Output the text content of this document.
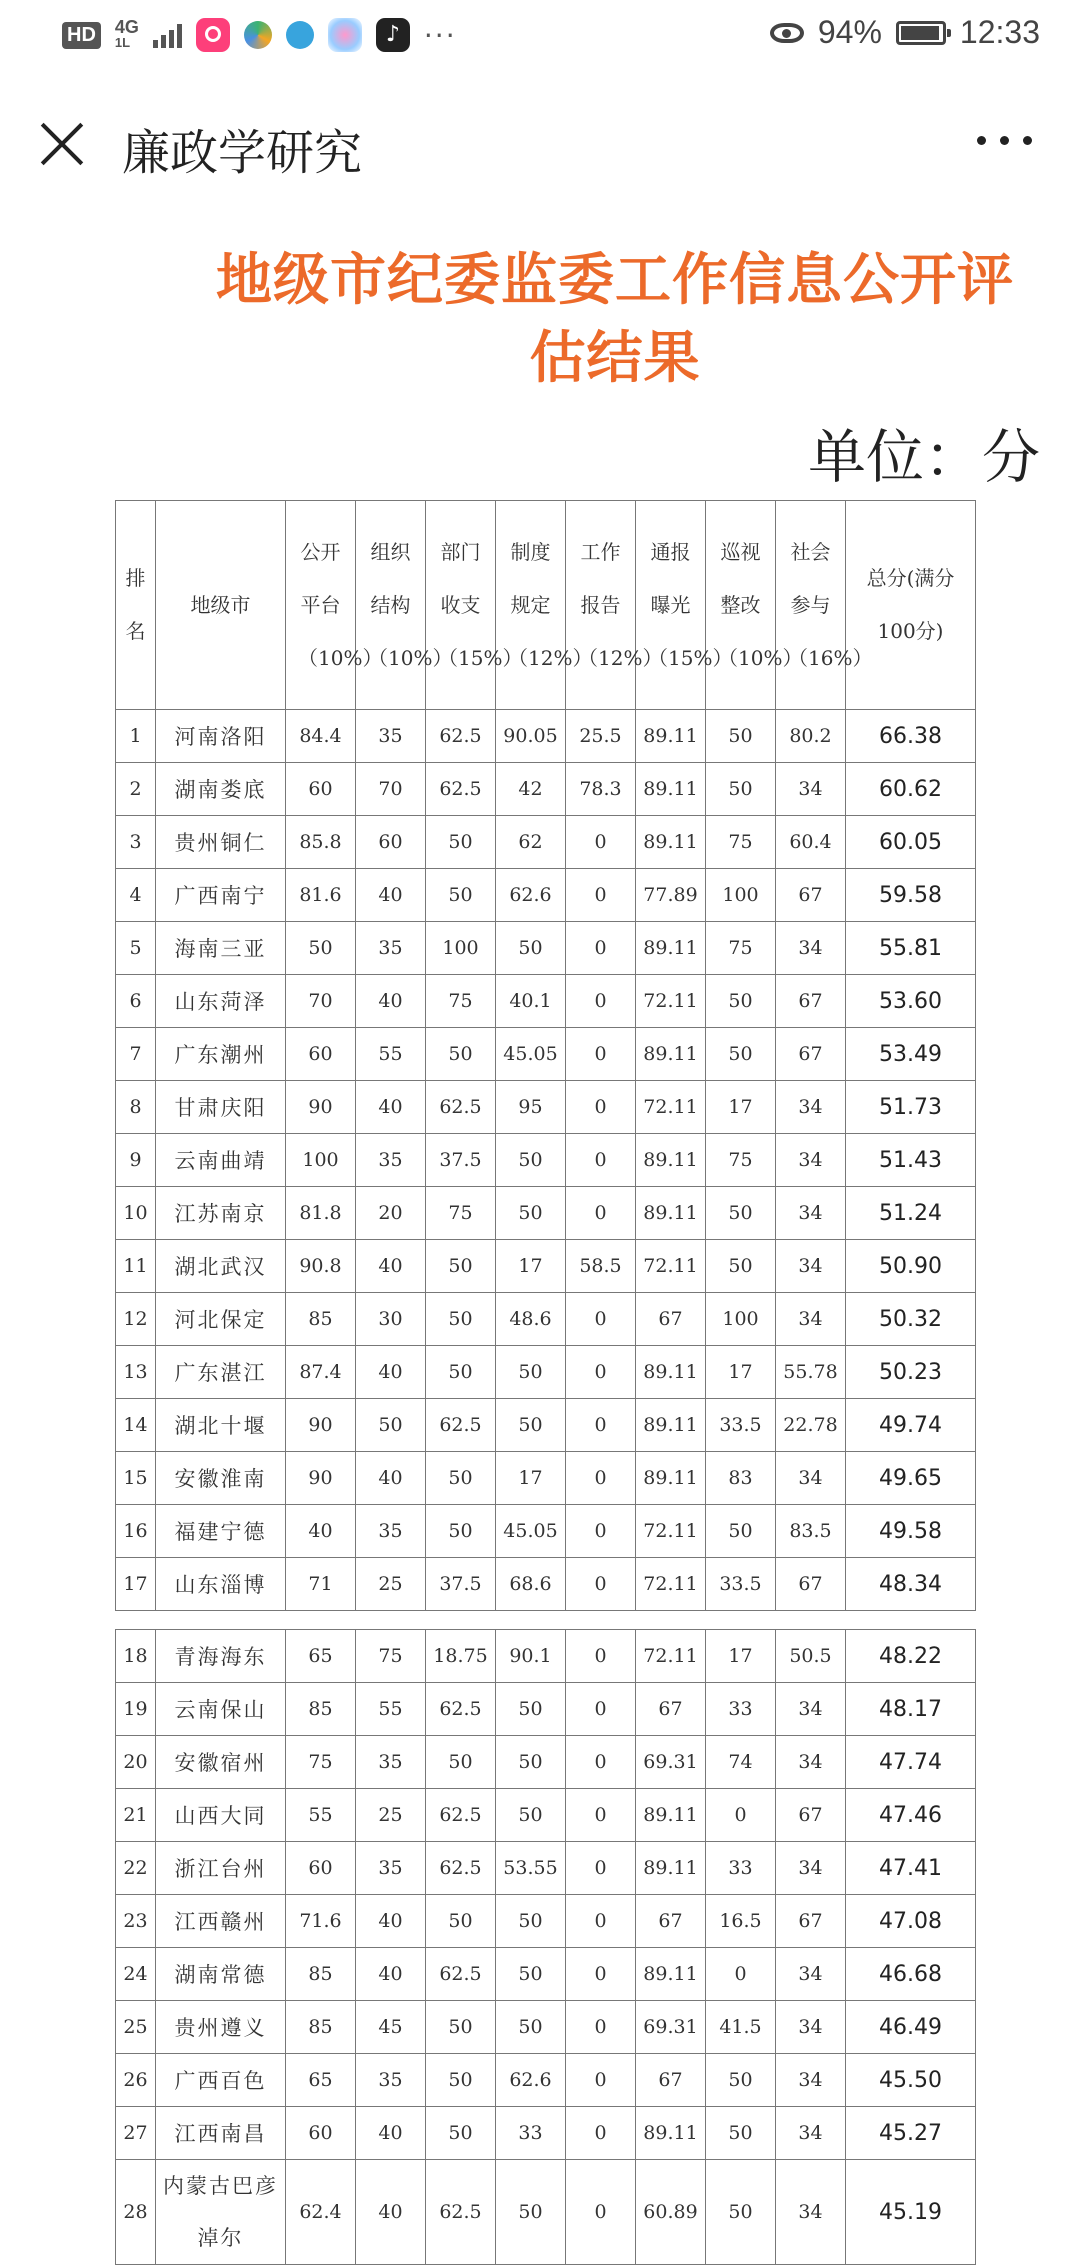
HD 4G
1L	♪ ···	94% 12:33
廉政学研究
地级市纪委监委工作信息公开评估结果
单位：分
排名	地级市	公开平台（10%）	组织结构（10%）	部门收支（15%）	制度规定（12%）	工作报告（12%）	通报曝光（15%）	巡视整改（10%）	社会参与（16%）	总分(满分100分)
1	河南洛阳	84.4	35	62.5	90.05	25.5	89.11	50	80.2	66.38
2	湖南娄底	60	70	62.5	42	78.3	89.11	50	34	60.62
3	贵州铜仁	85.8	60	50	62	0	89.11	75	60.4	60.05
4	广西南宁	81.6	40	50	62.6	0	77.89	100	67	59.58
5	海南三亚	50	35	100	50	0	89.11	75	34	55.81
6	山东菏泽	70	40	75	40.1	0	72.11	50	67	53.60
7	广东潮州	60	55	50	45.05	0	89.11	50	67	53.49
8	甘肃庆阳	90	40	62.5	95	0	72.11	17	34	51.73
9	云南曲靖	100	35	37.5	50	0	89.11	75	34	51.43
10	江苏南京	81.8	20	75	50	0	89.11	50	34	51.24
11	湖北武汉	90.8	40	50	17	58.5	72.11	50	34	50.90
12	河北保定	85	30	50	48.6	0	67	100	34	50.32
13	广东湛江	87.4	40	50	50	0	89.11	17	55.78	50.23
14	湖北十堰	90	50	62.5	50	0	89.11	33.5	22.78	49.74
15	安徽淮南	90	40	50	17	0	89.11	83	34	49.65
16	福建宁德	40	35	50	45.05	0	72.11	50	83.5	49.58
17	山东淄博	71	25	37.5	68.6	0	72.11	33.5	67	48.34

18	青海海东	65	75	18.75	90.1	0	72.11	17	50.5	48.22
19	云南保山	85	55	62.5	50	0	67	33	34	48.17
20	安徽宿州	75	35	50	50	0	69.31	74	34	47.74
21	山西大同	55	25	62.5	50	0	89.11	0	67	47.46
22	浙江台州	60	35	62.5	53.55	0	89.11	33	34	47.41
23	江西赣州	71.6	40	50	50	0	67	16.5	67	47.08
24	湖南常德	85	40	62.5	50	0	89.11	0	34	46.68
25	贵州遵义	85	45	50	50	0	69.31	41.5	34	46.49
26	广西百色	65	35	50	62.6	0	67	50	34	45.50
27	江西南昌	60	40	50	33	0	89.11	50	34	45.27
28	内蒙古巴彦淖尔	62.4	40	62.5	50	0	60.89	50	34	45.19
